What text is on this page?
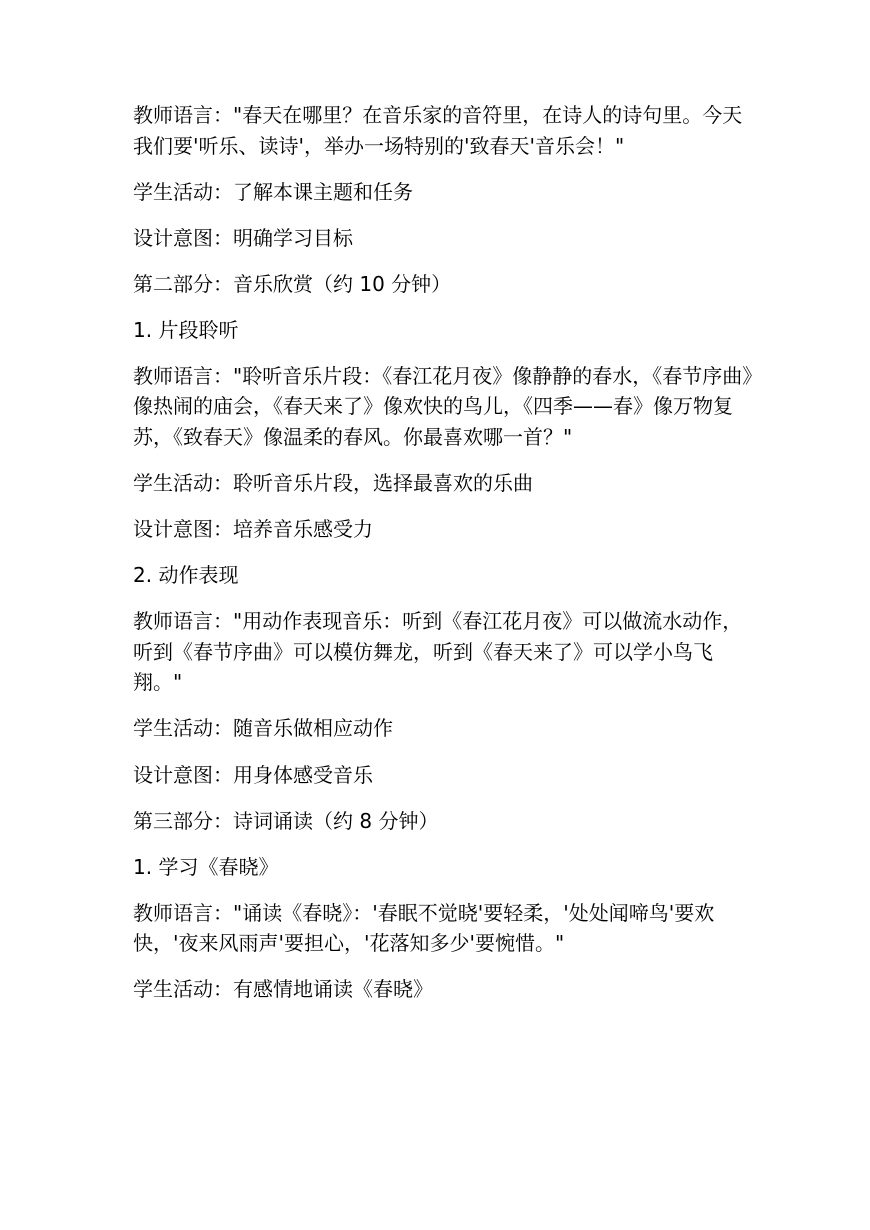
教师语言："春天在哪里？在音乐家的音符里，在诗人的诗句里。今天我们要'听乐、读诗'，举办一场特别的'致春天'音乐会！"

学生活动：了解本课主题和任务

设计意图：明确学习目标

第二部分：音乐欣赏（约 10 分钟）

1. 片段聆听

教师语言："聆听音乐片段：《春江花月夜》像静静的春水，《春节序曲》像热闹的庙会，《春天来了》像欢快的鸟儿，《四季——春》像万物复苏，《致春天》像温柔的春风。你最喜欢哪一首？"

学生活动：聆听音乐片段，选择最喜欢的乐曲

设计意图：培养音乐感受力

2. 动作表现

教师语言："用动作表现音乐：听到《春江花月夜》可以做流水动作，听到《春节序曲》可以模仿舞龙，听到《春天来了》可以学小鸟飞翔。"

学生活动：随音乐做相应动作

设计意图：用身体感受音乐

第三部分：诗词诵读（约 8 分钟）

1. 学习《春晓》

教师语言："诵读《春晓》：'春眠不觉晓'要轻柔，'处处闻啼鸟'要欢快，'夜来风雨声'要担心，'花落知多少'要惋惜。"

学生活动：有感情地诵读《春晓》
